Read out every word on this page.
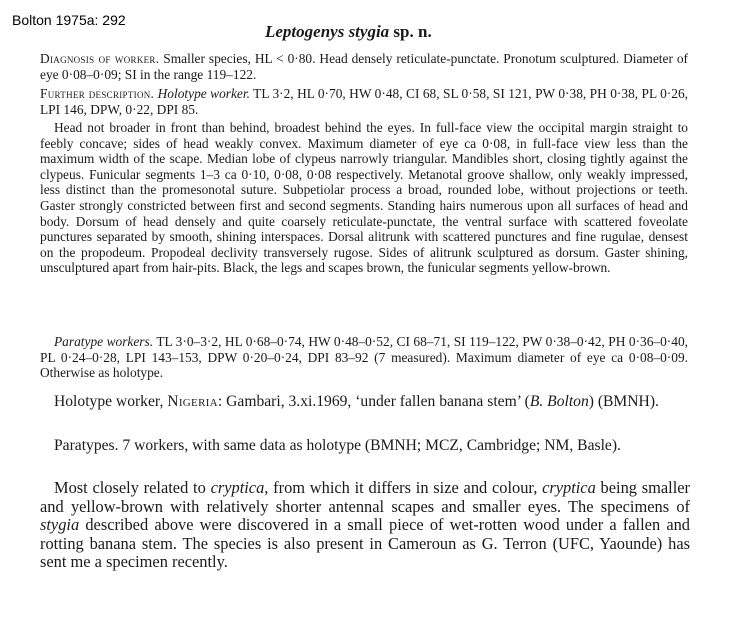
Bolton 1975a: 292
Leptogenys stygia sp. n.

Diagnosis of worker. Smaller species, HL < 0·80. Head densely reticulate-punctate. Pronotum sculptured. Diameter of eye 0·08–0·09; SI in the range 119–122.

Further description. Holotype worker. TL 3·2, HL 0·70, HW 0·48, CI 68, SL 0·58, SI 121, PW 0·38, PH 0·38, PL 0·26, LPI 146, DPW, 0·22, DPI 85.

Head not broader in front than behind, broadest behind the eyes. In full-face view the occipital margin straight to feebly concave; sides of head weakly convex. Maximum diameter of eye ca 0·08, in full-face view less than the maximum width of the scape. Median lobe of clypeus narrowly triangular. Mandibles short, closing tightly against the clypeus. Funicular segments 1–3 ca 0·10, 0·08, 0·08 respectively. Metanotal groove shallow, only weakly impressed, less distinct than the promesonotal suture. Subpetiolar process a broad, rounded lobe, without projections or teeth. Gaster strongly constricted between first and second segments. Standing hairs numerous upon all surfaces of head and body. Dorsum of head densely and quite coarsely reticulate-punctate, the ventral surface with scattered foveolate punctures separated by smooth, shining interspaces. Dorsal alitrunk with scattered punctures and fine rugulae, densest on the propodeum. Propodeal declivity transversely rugose. Sides of alitrunk sculptured as dorsum. Gaster shining, unsculptured apart from hair-pits. Black, the legs and scapes brown, the funicular segments yellow-brown.

Paratype workers. TL 3·0–3·2, HL 0·68–0·74, HW 0·48–0·52, CI 68–71, SI 119–122, PW 0·38–0·42, PH 0·36–0·40, PL 0·24–0·28, LPI 143–153, DPW 0·20–0·24, DPI 83–92 (7 measured). Maximum diameter of eye ca 0·08–0·09. Otherwise as holotype.

Holotype worker, Nigeria: Gambari, 3.xi.1969, ‘under fallen banana stem’ (B. Bolton) (BMNH).

Paratypes. 7 workers, with same data as holotype (BMNH; MCZ, Cambridge; NM, Basle).

Most closely related to cryptica, from which it differs in size and colour, cryptica being smaller and yellow-brown with relatively shorter antennal scapes and smaller eyes. The specimens of stygia described above were discovered in a small piece of wet-rotten wood under a fallen and rotting banana stem. The species is also present in Cameroun as G. Terron (UFC, Yaounde) has sent me a specimen recently.
